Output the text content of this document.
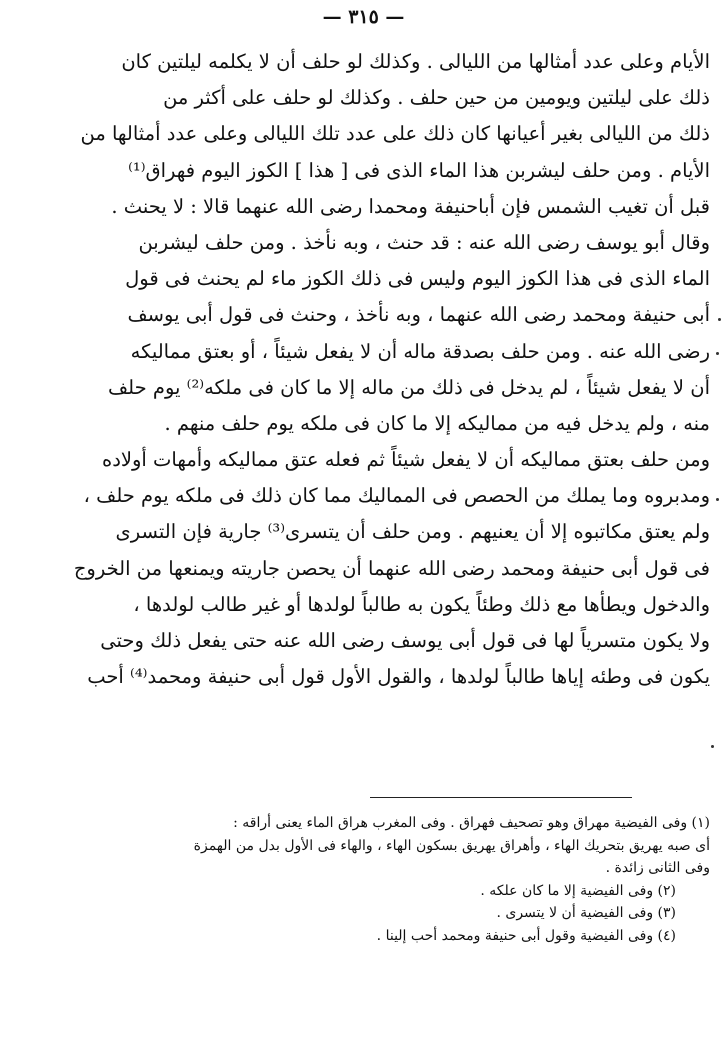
— ٣١٥ —
الأيام وعلى عدد أمثالها من الليالى . وكذلك لو حلف أن لا يكلمه ليلتين كان
ذلك على ليلتين ويومين من حين حلف . وكذلك لو حلف على أكثر من
ذلك من الليالى بغير أعيانها كان ذلك على عدد تلك الليالى وعلى عدد أمثالها من
الأيام . ومن حلف ليشربن هذا الماء الذى فى [ هذا ] الكوز اليوم فهراق⁽¹⁾
قبل أن تغيب الشمس فإن أباحنيفة ومحمدا رضى الله عنهما قالا : لا يحنث .
وقال أبو يوسف رضى الله عنه : قد حنث ، وبه نأخذ . ومن حلف ليشربن
الماء الذى فى هذا الكوز اليوم وليس فى ذلك الكوز ماء لم يحنث فى قول
أبى حنيفة ومحمد رضى الله عنهما ، وبه نأخذ ، وحنث فى قول أبى يوسف
رضى الله عنه . ومن حلف بصدقة ماله أن لا يفعل شيئاً ، أو بعتق مماليكه
أن لا يفعل شيئاً ، لم يدخل فى ذلك من ماله إلا ما كان فى ملكه⁽²⁾ يوم حلف
منه ، ولم يدخل فيه من مماليكه إلا ما كان فى ملكه يوم حلف منهم .
ومن حلف بعتق مماليكه أن لا يفعل شيئاً ثم فعله عتق مماليكه وأمهات أولاده
ومدبروه وما يملك من الحصص فى المماليك مما كان ذلك فى ملكه يوم حلف ،
ولم يعتق مكاتبوه إلا أن يعنيهم . ومن حلف أن يتسرى⁽³⁾ جارية فإن التسرى
فى قول أبى حنيفة ومحمد رضى الله عنهما أن يحصن جاريته ويمنعها من الخروج
والدخول ويطأها مع ذلك وطئاً يكون به طالباً لولدها أو غير طالب لولدها ،
ولا يكون متسرياً لها فى قول أبى يوسف رضى الله عنه حتى يفعل ذلك وحتى
يكون فى وطئه إياها طالباً لولدها ، والقول الأول قول أبى حنيفة ومحمد⁽⁴⁾ أحب
(١) وفى الفيضية مهراق وهو تصحيف فهراق . وفى المغرب هراق الماء يعنى أراقه :
أى صبه يهريق بتحريك الهاء ، وأهراق يهريق بسكون الهاء ، والهاء فى الأول بدل من الهمزة
وفى الثانى زائدة .
(٢) وفى الفيضية إلا ما كان علكه .
(٣) وفى الفيضية أن لا يتسرى .
(٤) وفى الفيضية وقول أبى حنيفة ومحمد أحب إلينا .
